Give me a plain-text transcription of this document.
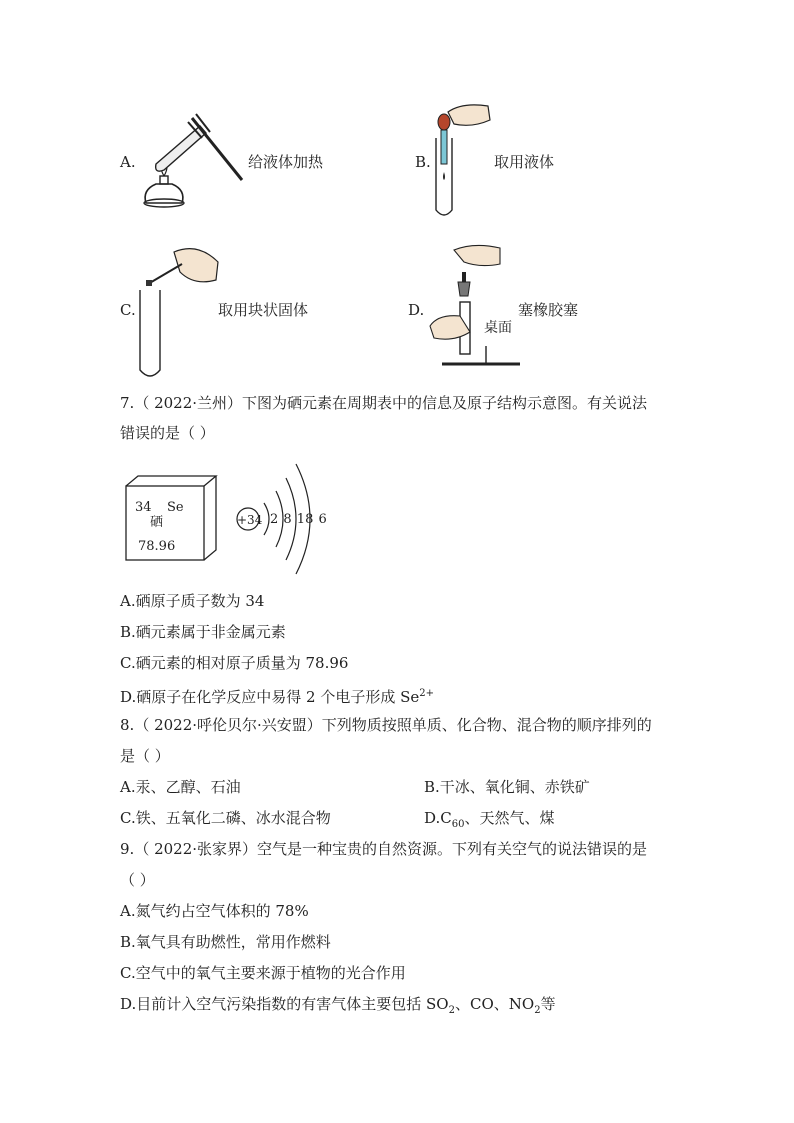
A.	给液体加热	B.	取用液体
C.	取用块状固体	D.
桌面
塞橡胶塞
7.（ 2022·兰州）下图为硒元素在周期表中的信息及原子结构示意图。有关说法
错误的是（ ）
34 Se
硒
78.96
+34 2 8 18 6
A.硒原子质子数为 34
B.硒元素属于非金属元素
C.硒元素的相对原子质量为 78.96
D.硒原子在化学反应中易得 2 个电子形成 $Se^{2+}$
8.（ 2022·呼伦贝尔·兴安盟）下列物质按照单质、化合物、混合物的顺序排列的
是（ ）
A.汞、乙醇、石油	B.干冰、氧化铜、赤铁矿
C.铁、五氧化二磷、冰水混合物	$D.C_{60}$、天然气、煤
9.（ 2022·张家界）空气是一种宝贵的自然资源。下列有关空气的说法错误的是
（ ）
A.氮气约占空气体积的 78%
B.氧气具有助燃性，常用作燃料
C.空气中的氧气主要来源于植物的光合作用
D.目前计入空气污染指数的有害气体主要包括 $SO_2$、CO、$NO_2$等
